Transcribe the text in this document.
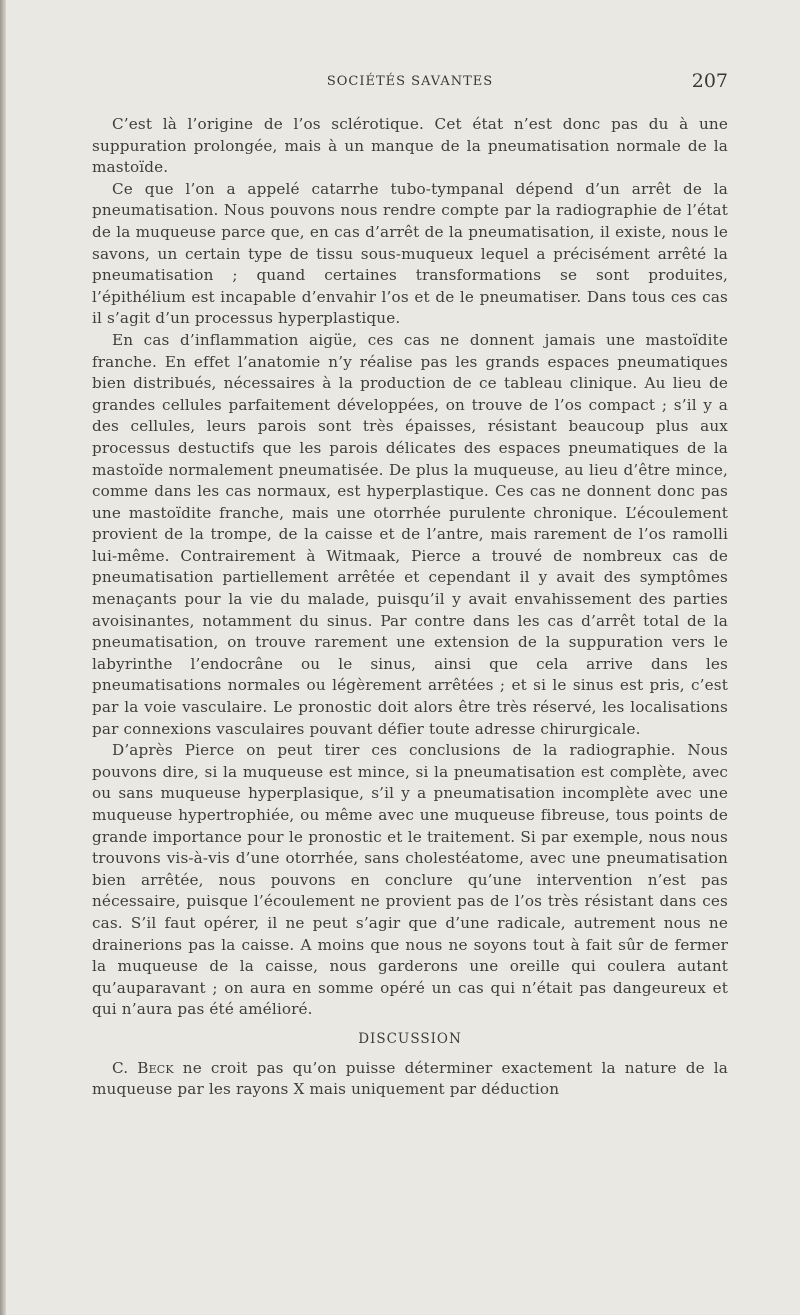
SOCIÉTÉS SAVANTES	207

C’est là l’origine de l’os sclérotique. Cet état n’est donc pas du à une suppuration prolongée, mais à un manque de la pneumatisation normale de la mastoïde.

Ce que l’on a appelé catarrhe tubo-tympanal dépend d’un arrêt de la pneumatisation. Nous pouvons nous rendre compte par la radiographie de l’état de la muqueuse parce que, en cas d’arrêt de la pneumatisation, il existe, nous le savons, un certain type de tissu sous-muqueux lequel a précisément arrêté la pneumatisation ; quand certaines transformations se sont produites, l’épithélium est incapable d’envahir l’os et de le pneumatiser. Dans tous ces cas il s’agit d’un processus hyperplastique.

En cas d’inflammation aigüe, ces cas ne donnent jamais une mastoïdite franche. En effet l’anatomie n’y réalise pas les grands espaces pneumatiques bien distribués, nécessaires à la production de ce tableau clinique. Au lieu de grandes cellules parfaitement développées, on trouve de l’os compact ; s’il y a des cellules, leurs parois sont très épaisses, résistant beaucoup plus aux processus destuctifs que les parois délicates des espaces pneumatiques de la mastoïde normalement pneumatisée. De plus la muqueuse, au lieu d’être mince, comme dans les cas normaux, est hyperplastique. Ces cas ne donnent donc pas une mastoïdite franche, mais une otorrhée purulente chronique. L’écoulement provient de la trompe, de la caisse et de l’antre, mais rarement de l’os ramolli lui-même. Contrairement à Witmaak, Pierce a trouvé de nombreux cas de pneumatisation partiellement arrêtée et cependant il y avait des symptômes menaçants pour la vie du malade, puisqu’il y avait envahissement des parties avoisinantes, notamment du sinus. Par contre dans les cas d’arrêt total de la pneumatisation, on trouve rarement une extension de la suppuration vers le labyrinthe l’endocrâne ou le sinus, ainsi que cela arrive dans les pneumatisations normales ou légèrement arrêtées ; et si le sinus est pris, c’est par la voie vasculaire. Le pronostic doit alors être très réservé, les localisations par connexions vasculaires pouvant défier toute adresse chirurgicale.

D’après Pierce on peut tirer ces conclusions de la radiographie. Nous pouvons dire, si la muqueuse est mince, si la pneumatisation est complète, avec ou sans muqueuse hyperplasique, s’il y a pneumatisation incomplète avec une muqueuse hypertrophiée, ou même avec une muqueuse fibreuse, tous points de grande importance pour le pronostic et le traitement. Si par exemple, nous nous trouvons vis-à-vis d’une otorrhée, sans cholestéatome, avec une pneumatisation bien arrêtée, nous pouvons en conclure qu’une intervention n’est pas nécessaire, puisque l’écoulement ne provient pas de l’os très résistant dans ces cas. S’il faut opérer, il ne peut s’agir que d’une radicale, autrement nous ne drainerions pas la caisse. A moins que nous ne soyons tout à fait sûr de fermer la muqueuse de la caisse, nous garderons une oreille qui coulera autant qu’auparavant ; on aura en somme opéré un cas qui n’était pas dangeureux et qui n’aura pas été amélioré.

DISCUSSION

C. Beck ne croit pas qu’on puisse déterminer exactement la nature de la muqueuse par les rayons X mais uniquement par déduction
